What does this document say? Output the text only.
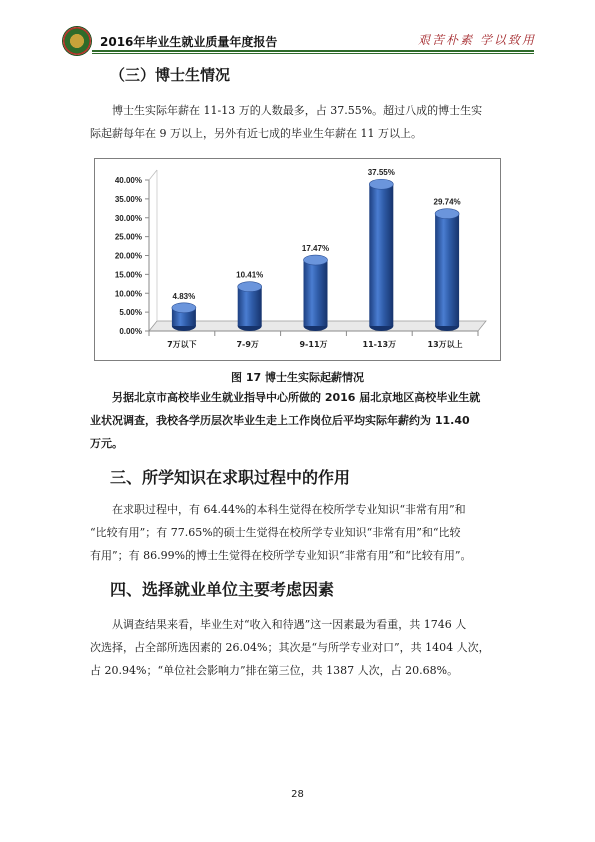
2016年毕业生就业质量年度报告	艰苦朴素 学以致用
（三）博士生情况
博士生实际年薪在 11-13 万的人数最多，占 37.55%。超过八成的博士生实
际起薪每年在 9 万以上，另外有近七成的毕业生年薪在 11 万以上。
0.00%
5.00%
10.00%
15.00%
20.00%
25.00%
30.00%
35.00%
40.00%
4.83%
10.41%
17.47%
37.55%
29.74%
7万以下	7-9万	9-11万	11-13万	13万以上
图 17 博士生实际起薪情况
另据北京市高校毕业生就业指导中心所做的 2016 届北京地区高校毕业生就
业状况调查，我校各学历层次毕业生走上工作岗位后平均实际年薪约为 11.40
万元。
三、所学知识在求职过程中的作用
在求职过程中，有 64.44%的本科生觉得在校所学专业知识“非常有用”和
“比较有用”；有 77.65%的硕士生觉得在校所学专业知识“非常有用”和“比较
有用”；有 86.99%的博士生觉得在校所学专业知识“非常有用”和“比较有用”。
四、选择就业单位主要考虑因素
从调查结果来看，毕业生对“收入和待遇”这一因素最为看重，共 1746 人
次选择，占全部所选因素的 26.04%；其次是“与所学专业对口”，共 1404 人次，
占 20.94%；“单位社会影响力”排在第三位，共 1387 人次，占 20.68%。
28
